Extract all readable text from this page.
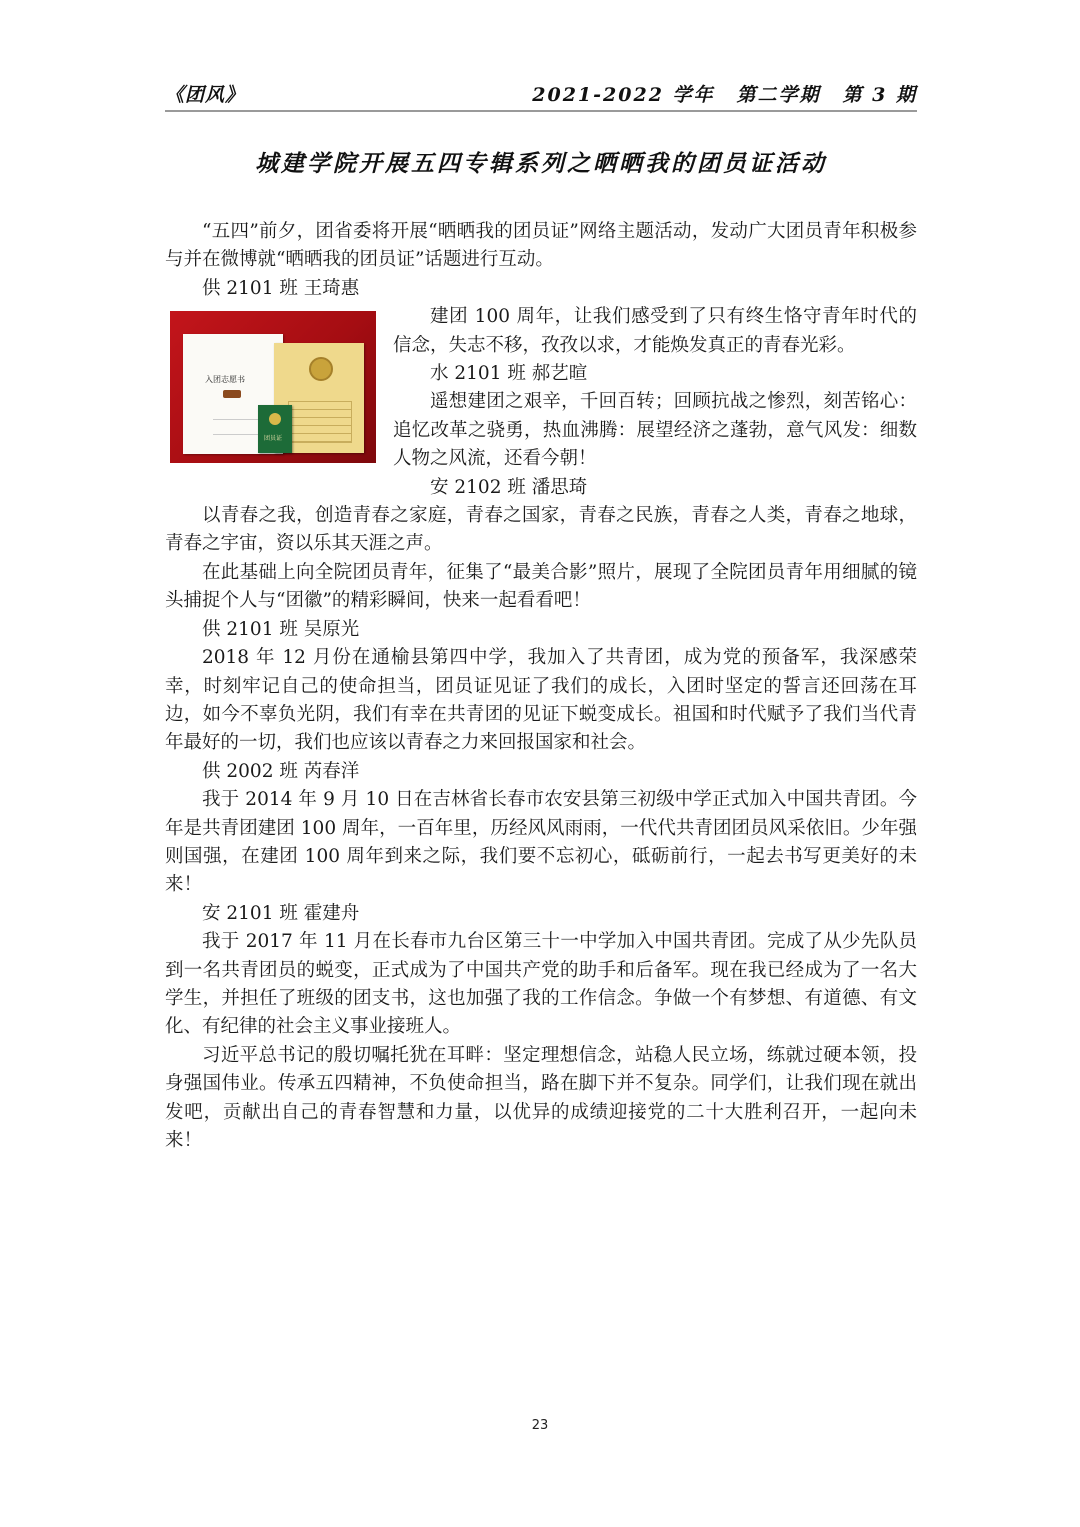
《团风》	2021-2022 学年 第二学期 第 3 期
城建学院开展五四专辑系列之晒晒我的团员证活动

“五四”前夕，团省委将开展“晒晒我的团员证”网络主题活动，发动广大团员青年积极参与并在微博就“晒晒我的团员证”话题进行互动。

供 2101 班 王琦惠

建团 100 周年，让我们感受到了只有终生恪守青年时代的信念，失志不移，孜孜以求，才能焕发真正的青春光彩。

水 2101 班 郝艺暄

遥想建团之艰辛，千回百转；回顾抗战之惨烈，刻苦铭心：追忆改革之骁勇，热血沸腾：展望经济之蓬勃，意气风发：细数人物之风流，还看今朝！

安 2102 班 潘思琦

以青春之我，创造青春之家庭，青春之国家，青春之民族，青春之人类，青春之地球，青春之宇宙，资以乐其天涯之声。

在此基础上向全院团员青年，征集了“最美合影”照片，展现了全院团员青年用细腻的镜头捕捉个人与“团徽”的精彩瞬间，快来一起看看吧！

供 2101 班 吴原光

2018 年 12 月份在通榆县第四中学，我加入了共青团，成为党的预备军，我深感荣幸，时刻牢记自己的使命担当，团员证见证了我们的成长，入团时坚定的誓言还回荡在耳边，如今不辜负光阴，我们有幸在共青团的见证下蜕变成长。祖国和时代赋予了我们当代青年最好的一切，我们也应该以青春之力来回报国家和社会。

供 2002 班 芮春洋

我于 2014 年 9 月 10 日在吉林省长春市农安县第三初级中学正式加入中国共青团。今年是共青团建团 100 周年，一百年里，历经风风雨雨，一代代共青团团员风采依旧。少年强则国强，在建团 100 周年到来之际，我们要不忘初心，砥砺前行，一起去书写更美好的未来！

安 2101 班 霍建舟

我于 2017 年 11 月在长春市九台区第三十一中学加入中国共青团。完成了从少先队员到一名共青团员的蜕变，正式成为了中国共产党的助手和后备军。现在我已经成为了一名大学生，并担任了班级的团支书，这也加强了我的工作信念。争做一个有梦想、有道德、有文化、有纪律的社会主义事业接班人。

习近平总书记的殷切嘱托犹在耳畔：坚定理想信念，站稳人民立场，练就过硬本领，投身强国伟业。传承五四精神，不负使命担当，路在脚下并不复杂。同学们，让我们现在就出发吧，贡献出自己的青春智慧和力量，以优异的成绩迎接党的二十大胜利召开，一起向未来！

入团志愿书
团员证
23
